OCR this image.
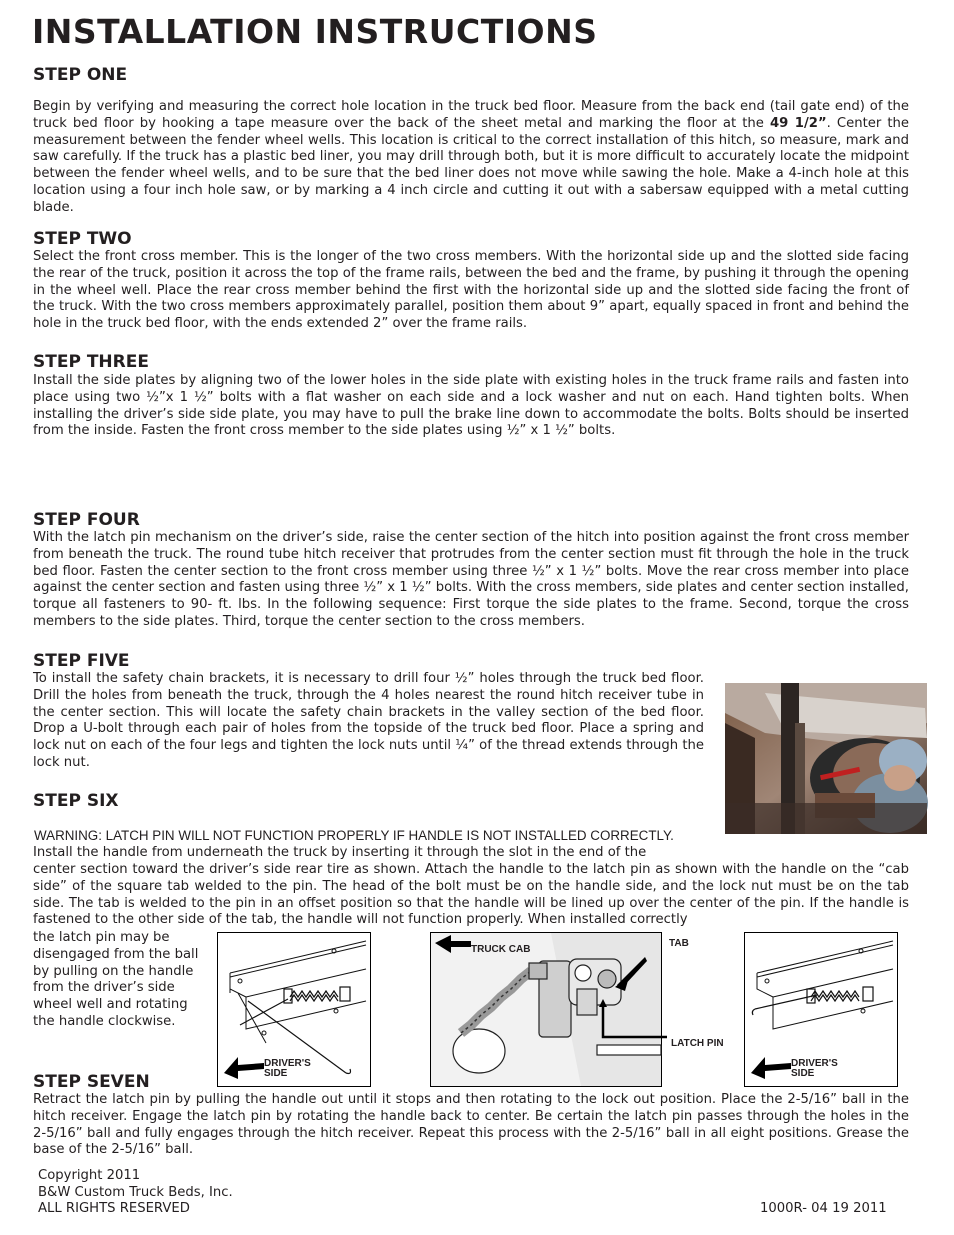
INSTALLATION INSTRUCTIONS
STEP ONE
Begin by verifying and measuring the correct hole location in the truck bed floor. Measure from the back end (tail gate end) of the truck bed floor by hooking a tape measure over the back of the sheet metal and marking the floor at the 49 1/2”. Center the measurement between the fender wheel wells. This location is critical to the correct installation of this hitch, so measure, mark and saw carefully. If the truck has a plastic bed liner, you may drill through both, but it is more difficult to accurately locate the midpoint between the fender wheel wells, and to be sure that the bed liner does not move while sawing the hole. Make a 4-inch hole at this location using a four inch hole saw, or by marking a 4 inch circle and cutting it out with a sabersaw equipped with a metal cutting blade.
STEP TWO
Select the front cross member. This is the longer of the two cross members. With the horizontal side up and the slotted side facing the rear of the truck, position it across the top of the frame rails, between the bed and the frame, by pushing it through the opening in the wheel well. Place the rear cross member behind the first with the horizontal side up and the slotted side facing the front of the truck. With the two cross members approximately parallel, position them about 9” apart, equally spaced in front and behind the hole in the truck bed floor, with the ends extended 2” over the frame rails.
STEP THREE
Install the side plates by aligning two of the lower holes in the side plate with existing holes in the truck frame rails and fasten into place using two ½”x 1 ½” bolts with a flat washer on each side and a lock washer and nut on each. Hand tighten bolts. When installing the driver’s side side plate, you may have to pull the brake line down to accommodate the bolts. Bolts should be inserted from the inside. Fasten the front cross member to the side plates using ½” x 1 ½” bolts.
STEP FOUR
With the latch pin mechanism on the driver’s side, raise the center section of the hitch into position against the front cross member from beneath the truck. The round tube hitch receiver that protrudes from the center section must fit through the hole in the truck bed floor. Fasten the center section to the front cross member using three ½” x 1 ½” bolts. Move the rear cross member into place against the center section and fasten using three ½” x 1 ½” bolts. With the cross members, side plates and center section installed, torque all fasteners to 90- ft. lbs. In the following sequence: First torque the side plates to the frame. Second, torque the cross members to the side plates. Third, torque the center section to the cross members.
STEP FIVE
To install the safety chain brackets, it is necessary to drill four ½” holes through the truck bed floor. Drill the holes from beneath the truck, through the 4 holes nearest the round hitch receiver tube in the center section. This will locate the safety chain brackets in the valley section of the bed floor. Drop a U-bolt through each pair of holes from the topside of the truck bed floor. Place a spring and lock nut on each of the four legs and tighten the lock nuts until ¼” of the thread extends through the lock nut.
STEP SIX
WARNING: LATCH PIN WILL NOT FUNCTION PROPERLY IF HANDLE IS NOT INSTALLED CORRECTLY.
Install the handle from underneath the truck by inserting it through the slot in the end of the
center section toward the driver’s side rear tire as shown. Attach the handle to the latch pin as shown with the handle on the “cab side” of the square tab welded to the pin. The head of the bolt must be on the handle side, and the lock nut must be on the tab side. The tab is welded to the pin in an offset position so that the handle will be lined up over the center of the pin. If the handle is fastened to the other side of the tab, the handle will not function properly. When installed correctly
the latch pin may be disengaged from the ball by pulling on the handle from the driver’s side wheel well and rotating the handle clockwise.
DRIVER'S SIDE
TRUCK CAB
TAB
LATCH PIN
DRIVER'S SIDE
STEP SEVEN
Retract the latch pin by pulling the handle out until it stops and then rotating to the lock out position. Place the 2-5/16” ball in the hitch receiver. Engage the latch pin by rotating the handle back to center. Be certain the latch pin passes through the holes in the 2-5/16” ball and fully engages through the hitch receiver. Repeat this process with the 2-5/16” ball in all eight positions. Grease the base of the 2-5/16” ball.
Copyright 2011
B&W Custom Truck Beds, Inc.
ALL RIGHTS RESERVED	1000R- 04 19 2011
